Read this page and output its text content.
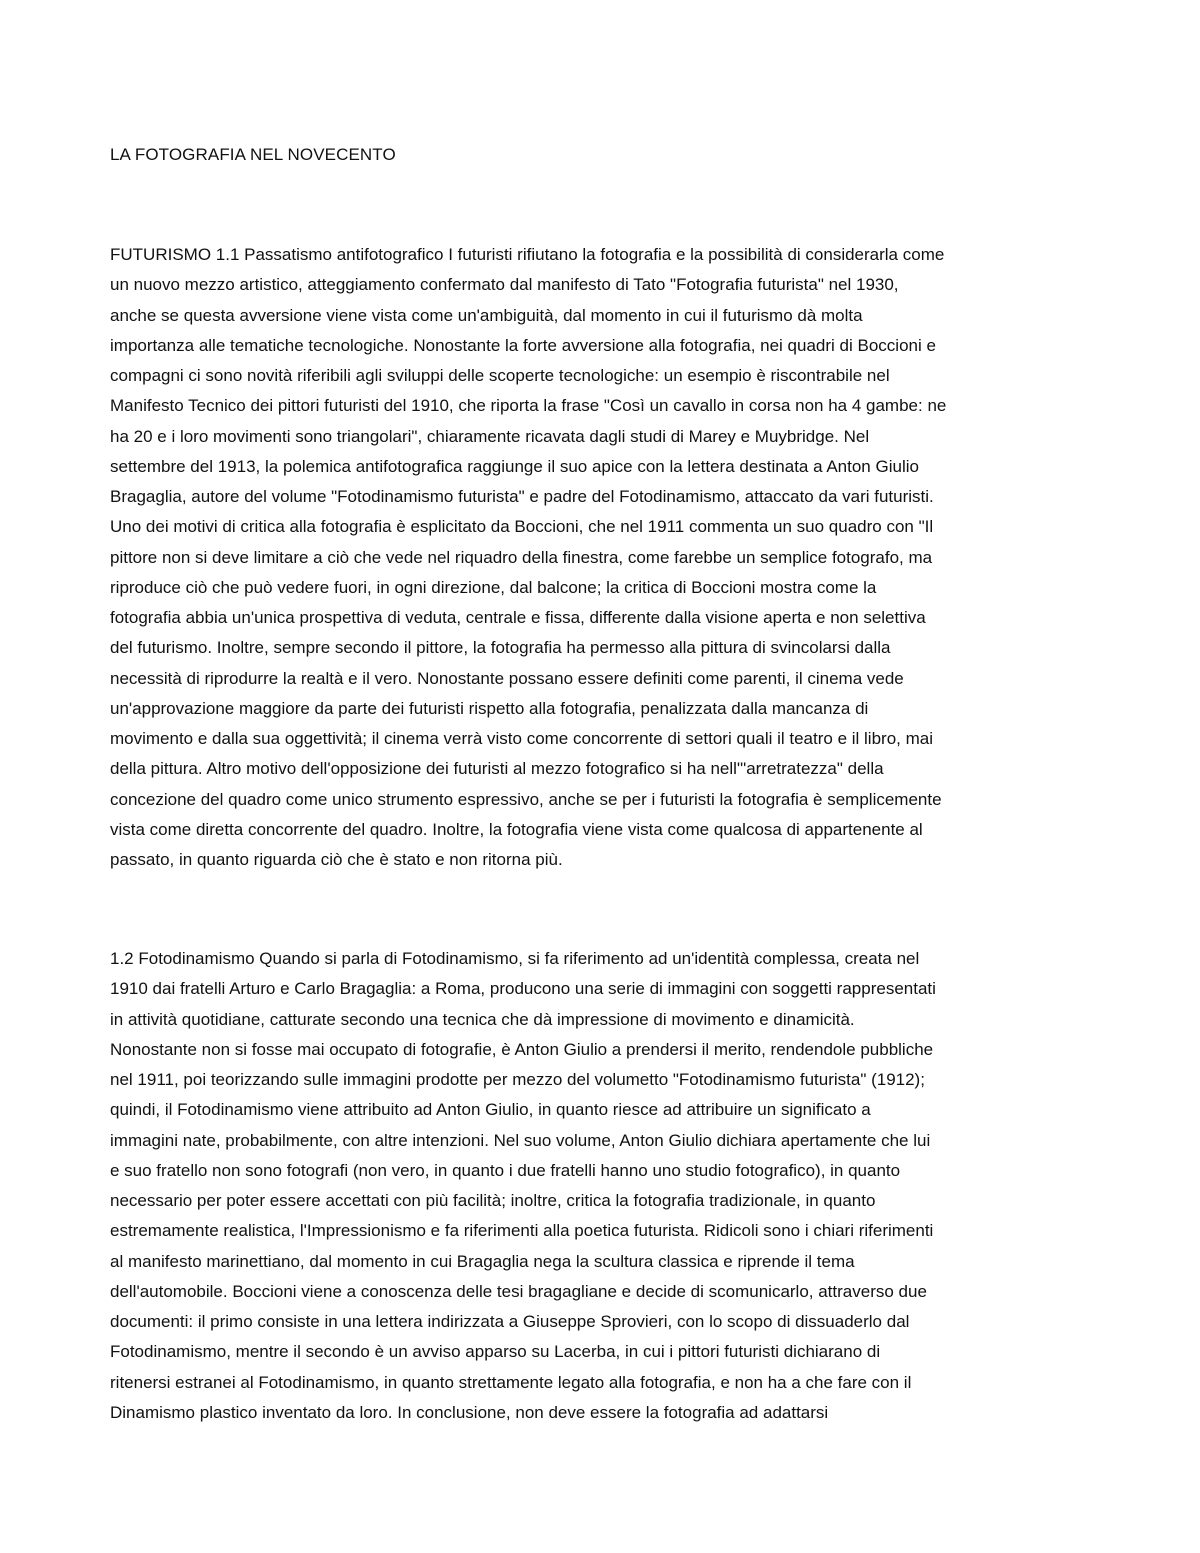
LA FOTOGRAFIA NEL NOVECENTO

FUTURISMO 1.1 Passatismo antifotografico I futuristi rifiutano la fotografia e la possibilità di considerarla come
un nuovo mezzo artistico, atteggiamento confermato dal manifesto di Tato "Fotografia futurista" nel 1930,
anche se questa avversione viene vista come un'ambiguità, dal momento in cui il futurismo dà molta
importanza alle tematiche tecnologiche. Nonostante la forte avversione alla fotografia, nei quadri di Boccioni e
compagni ci sono novità riferibili agli sviluppi delle scoperte tecnologiche: un esempio è riscontrabile nel
Manifesto Tecnico dei pittori futuristi del 1910, che riporta la frase "Così un cavallo in corsa non ha 4 gambe: ne
ha 20 e i loro movimenti sono triangolari", chiaramente ricavata dagli studi di Marey e Muybridge. Nel
settembre del 1913, la polemica antifotografica raggiunge il suo apice con la lettera destinata a Anton Giulio
Bragaglia, autore del volume "Fotodinamismo futurista" e padre del Fotodinamismo, attaccato da vari futuristi.
Uno dei motivi di critica alla fotografia è esplicitato da Boccioni, che nel 1911 commenta un suo quadro con "Il
pittore non si deve limitare a ciò che vede nel riquadro della finestra, come farebbe un semplice fotografo, ma
riproduce ciò che può vedere fuori, in ogni direzione, dal balcone; la critica di Boccioni mostra come la
fotografia abbia un'unica prospettiva di veduta, centrale e fissa, differente dalla visione aperta e non selettiva
del futurismo. Inoltre, sempre secondo il pittore, la fotografia ha permesso alla pittura di svincolarsi dalla
necessità di riprodurre la realtà e il vero. Nonostante possano essere definiti come parenti, il cinema vede
un'approvazione maggiore da parte dei futuristi rispetto alla fotografia, penalizzata dalla mancanza di
movimento e dalla sua oggettività; il cinema verrà visto come concorrente di settori quali il teatro e il libro, mai
della pittura. Altro motivo dell'opposizione dei futuristi al mezzo fotografico si ha nell'"arretratezza" della
concezione del quadro come unico strumento espressivo, anche se per i futuristi la fotografia è semplicemente
vista come diretta concorrente del quadro. Inoltre, la fotografia viene vista come qualcosa di appartenente al
passato, in quanto riguarda ciò che è stato e non ritorna più.

1.2 Fotodinamismo Quando si parla di Fotodinamismo, si fa riferimento ad un'identità complessa, creata nel
1910 dai fratelli Arturo e Carlo Bragaglia: a Roma, producono una serie di immagini con soggetti rappresentati
in attività quotidiane, catturate secondo una tecnica che dà impressione di movimento e dinamicità.
Nonostante non si fosse mai occupato di fotografie, è Anton Giulio a prendersi il merito, rendendole pubbliche
nel 1911, poi teorizzando sulle immagini prodotte per mezzo del volumetto "Fotodinamismo futurista" (1912);
quindi, il Fotodinamismo viene attribuito ad Anton Giulio, in quanto riesce ad attribuire un significato a
immagini nate, probabilmente, con altre intenzioni. Nel suo volume, Anton Giulio dichiara apertamente che lui
e suo fratello non sono fotografi (non vero, in quanto i due fratelli hanno uno studio fotografico), in quanto
necessario per poter essere accettati con più facilità; inoltre, critica la fotografia tradizionale, in quanto
estremamente realistica, l'Impressionismo e fa riferimenti alla poetica futurista. Ridicoli sono i chiari riferimenti
al manifesto marinettiano, dal momento in cui Bragaglia nega la scultura classica e riprende il tema
dell'automobile. Boccioni viene a conoscenza delle tesi bragagliane e decide di scomunicarlo, attraverso due
documenti: il primo consiste in una lettera indirizzata a Giuseppe Sprovieri, con lo scopo di dissuaderlo dal
Fotodinamismo, mentre il secondo è un avviso apparso su Lacerba, in cui i pittori futuristi dichiarano di
ritenersi estranei al Fotodinamismo, in quanto strettamente legato alla fotografia, e non ha a che fare con il
Dinamismo plastico inventato da loro. In conclusione, non deve essere la fotografia ad adattarsi
